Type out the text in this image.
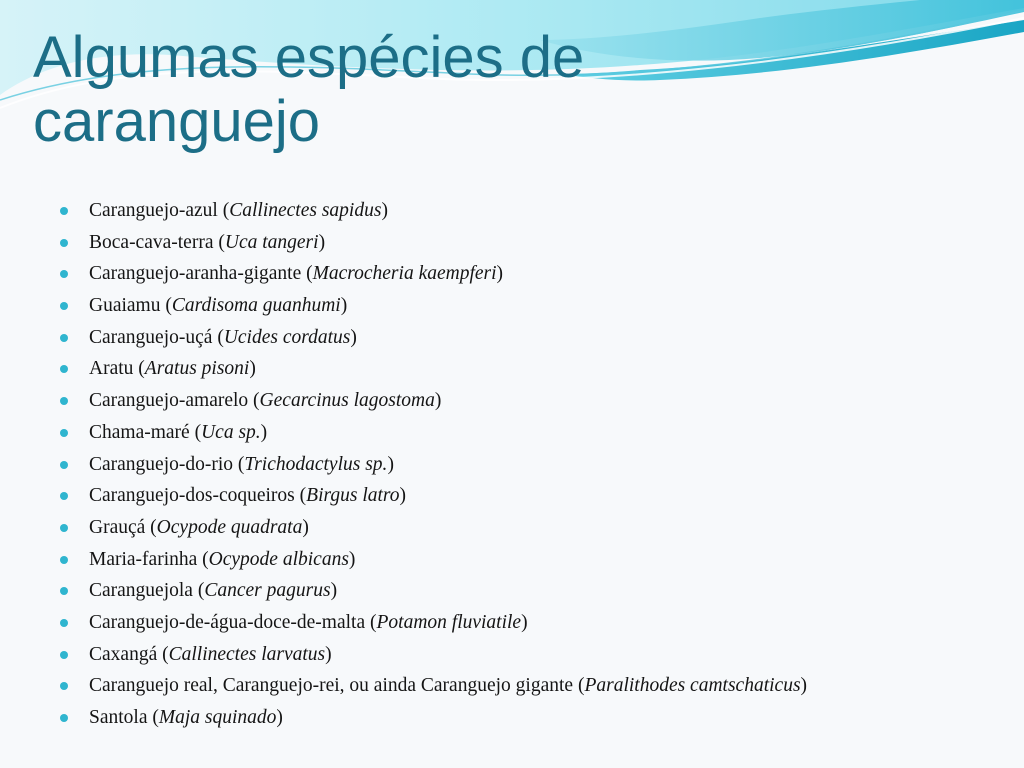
Algumas espécies de
caranguejo
Caranguejo-azul (Callinectes sapidus)
Boca-cava-terra (Uca tangeri)
Caranguejo-aranha-gigante (Macrocheria kaempferi)
Guaiamu (Cardisoma guanhumi)
Caranguejo-uçá (Ucides cordatus)
Aratu (Aratus pisoni)
Caranguejo-amarelo (Gecarcinus lagostoma)
Chama-maré (Uca sp.)
Caranguejo-do-rio (Trichodactylus sp.)
Caranguejo-dos-coqueiros (Birgus latro)
Grauçá (Ocypode quadrata)
Maria-farinha (Ocypode albicans)
Caranguejola (Cancer pagurus)
Caranguejo-de-água-doce-de-malta (Potamon fluviatile)
Caxangá (Callinectes larvatus)
Caranguejo real, Caranguejo-rei, ou ainda Caranguejo gigante (Paralithodes camtschaticus)
Santola (Maja squinado)
